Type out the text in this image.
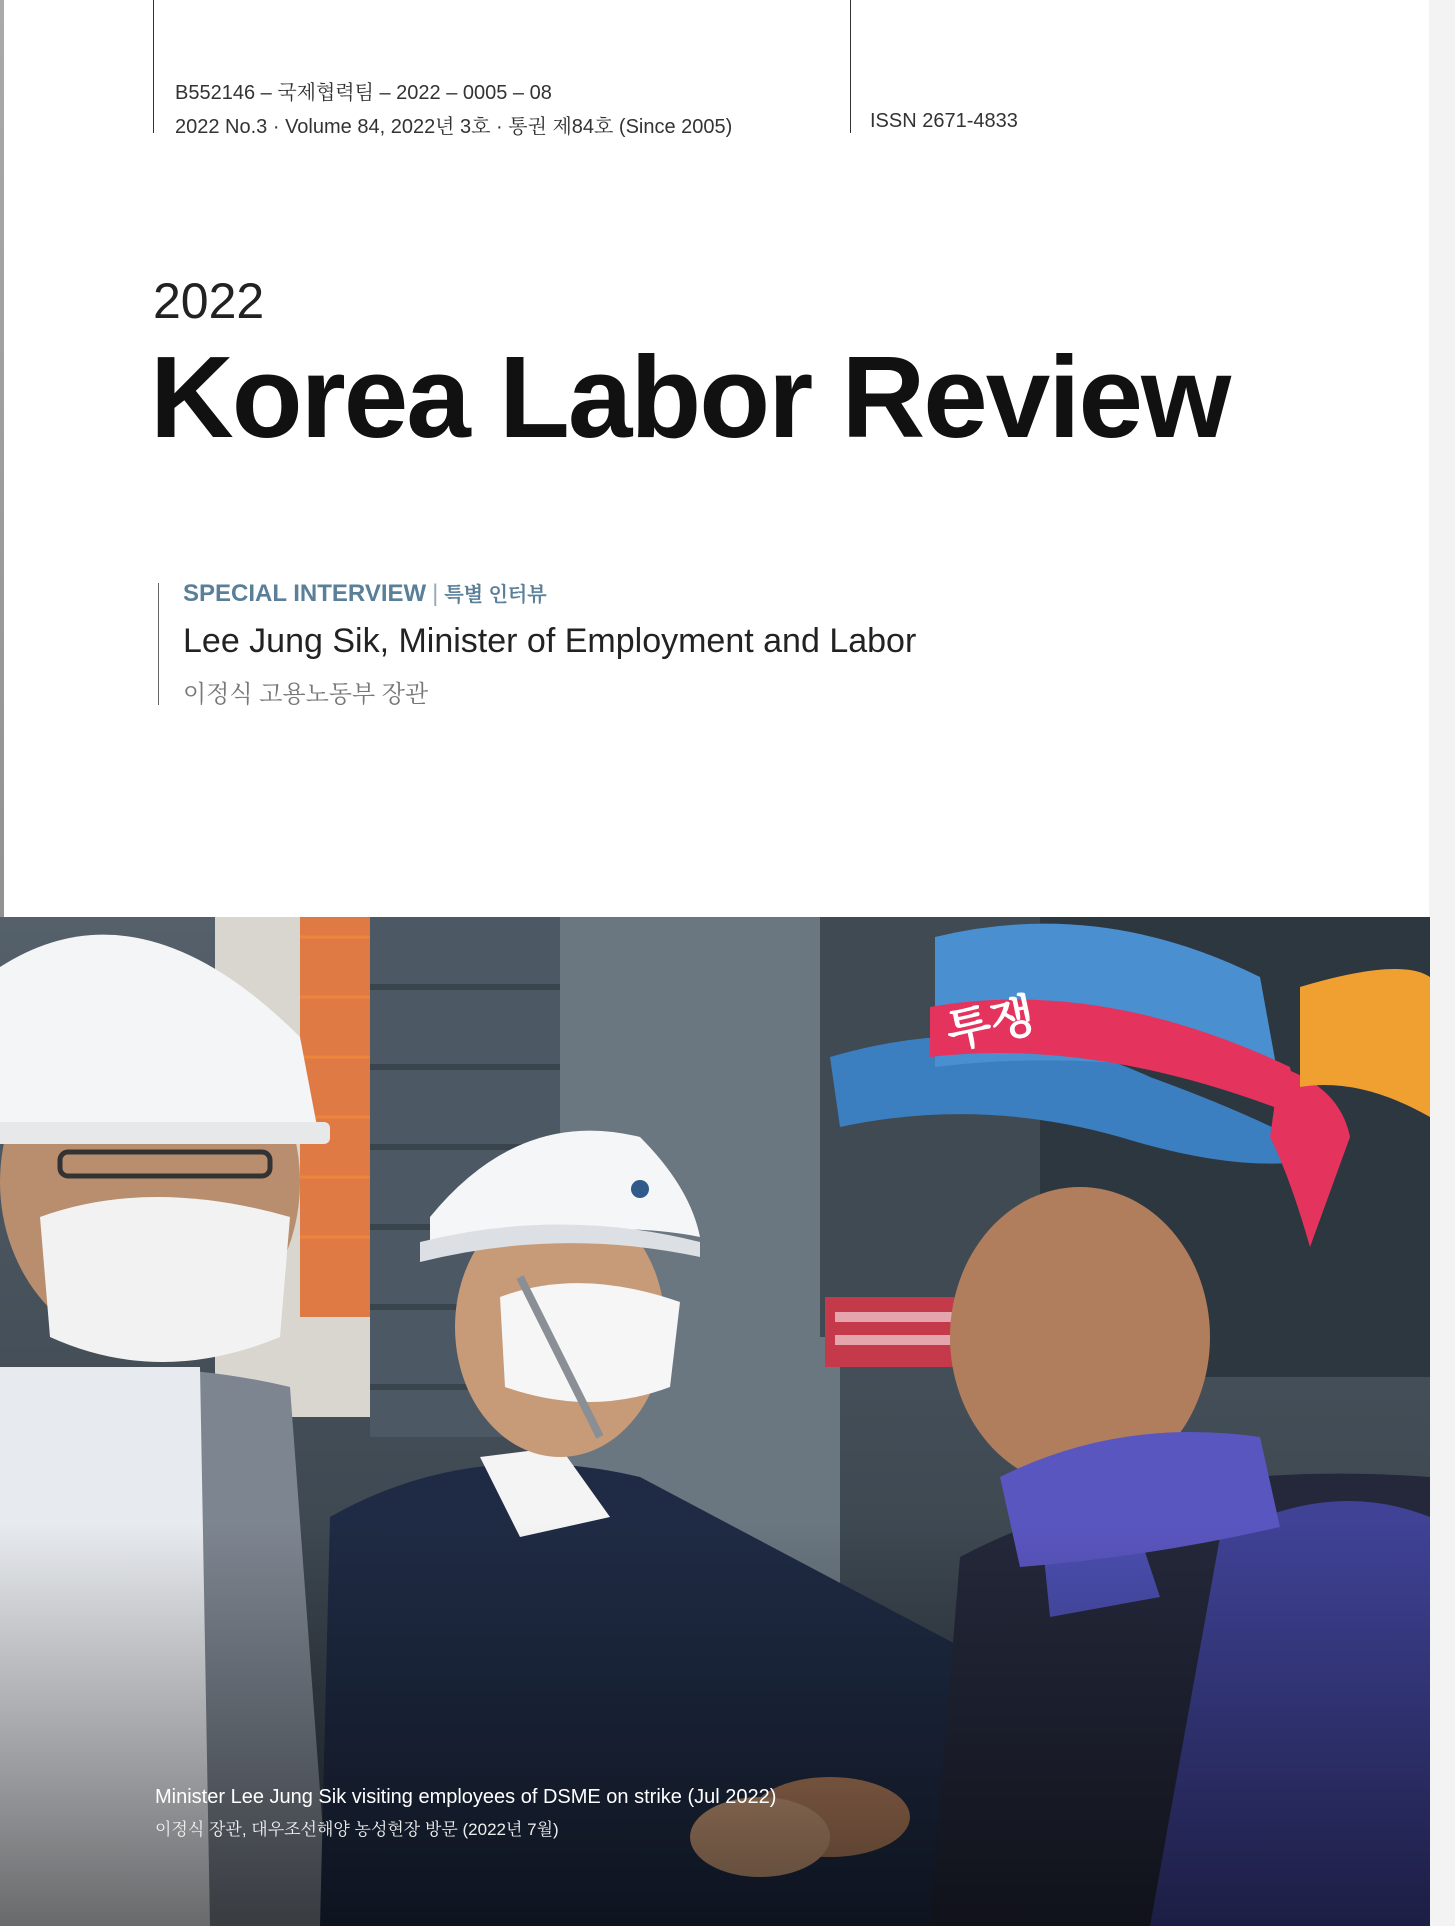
B552146 – 국제협력팀 – 2022 – 0005 – 08
2022 No.3 · Volume 84, 2022년 3호 · 통권 제84호 (Since 2005)	ISSN 2671-4833
2022
Korea Labor Review
SPECIAL INTERVIEW | 특별 인터뷰
Lee Jung Sik, Minister of Employment and Labor
이정식 고용노동부 장관
투쟁
Minister Lee Jung Sik visiting employees of DSME on strike (Jul 2022)
이정식 장관, 대우조선해양 농성현장 방문 (2022년 7월)
